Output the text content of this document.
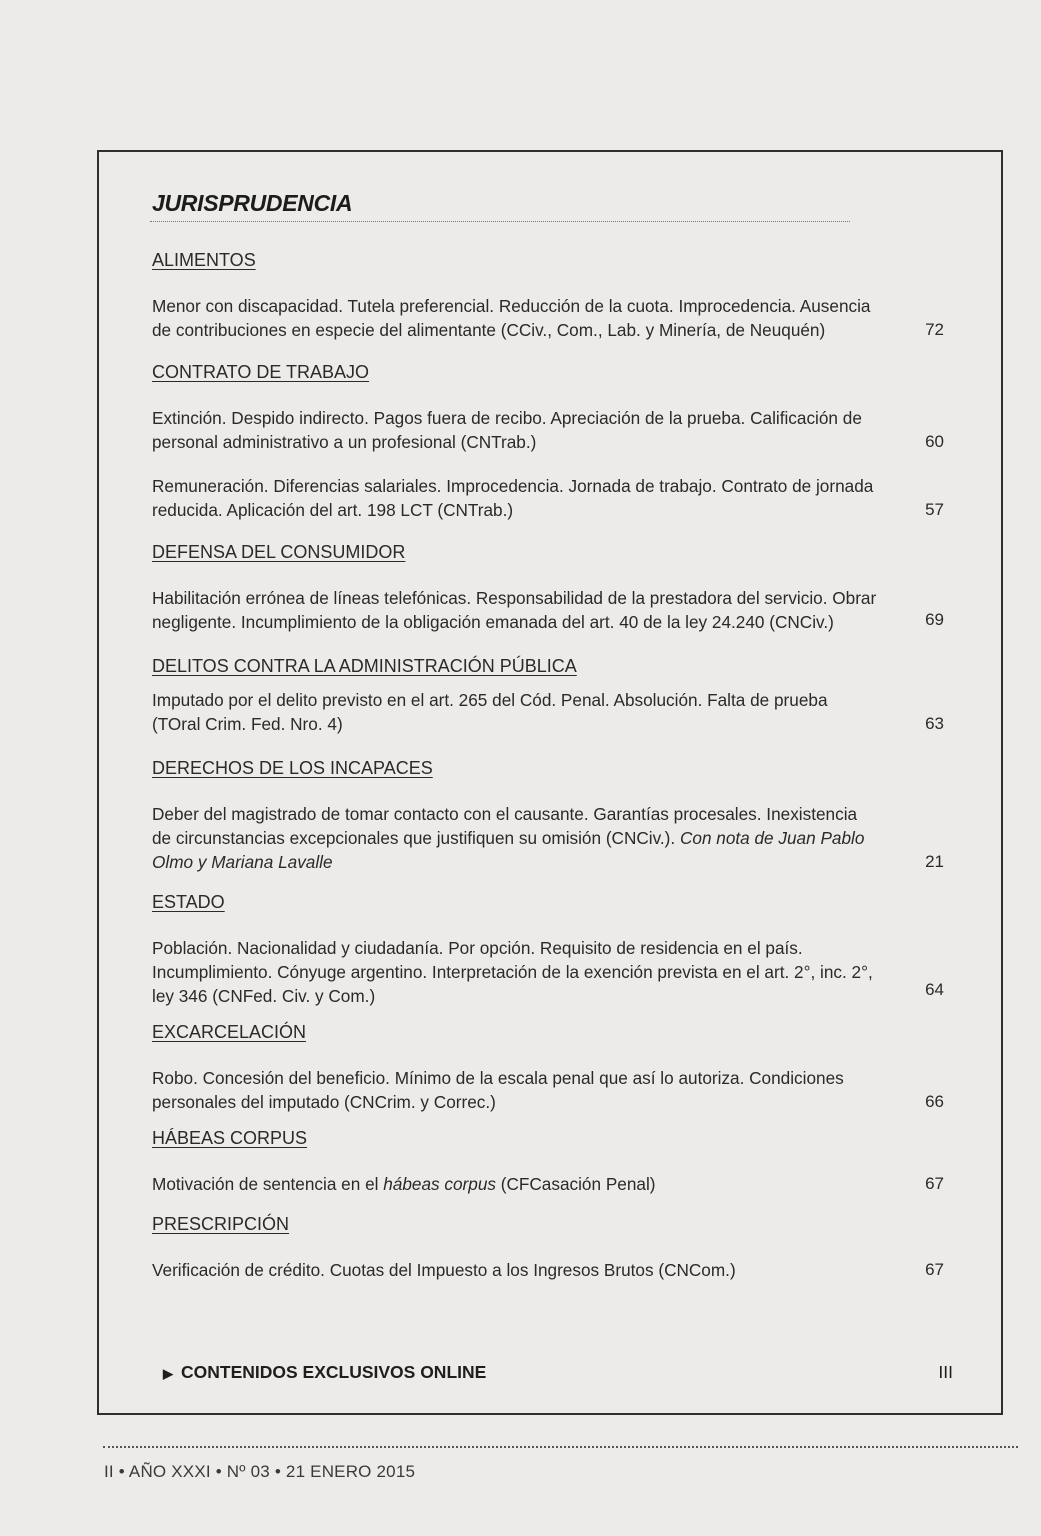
JURISPRUDENCIA
ALIMENTOS
Menor con discapacidad. Tutela preferencial. Reducción de la cuota. Improcedencia. Ausencia de contribuciones en especie del alimentante (CCiv., Com., Lab. y Minería, de Neuquén)	72
CONTRATO DE TRABAJO
Extinción. Despido indirecto. Pagos fuera de recibo. Apreciación de la prueba. Calificación de personal administrativo a un profesional (CNTrab.)	60
Remuneración. Diferencias salariales. Improcedencia. Jornada de trabajo. Contrato de jornada reducida. Aplicación del art. 198 LCT (CNTrab.)	57
DEFENSA DEL CONSUMIDOR
Habilitación errónea de líneas telefónicas. Responsabilidad de la prestadora del servicio. Obrar negligente. Incumplimiento de la obligación emanada del art. 40 de la ley 24.240 (CNCiv.)	69
DELITOS CONTRA LA ADMINISTRACIÓN PÚBLICA
Imputado por el delito previsto en el art. 265 del Cód. Penal. Absolución. Falta de prueba (TOral Crim. Fed. Nro. 4)	63
DERECHOS DE LOS INCAPACES
Deber del magistrado de tomar contacto con el causante. Garantías procesales. Inexistencia de circunstancias excepcionales que justifiquen su omisión (CNCiv.). Con nota de Juan Pablo Olmo y Mariana Lavalle	21
ESTADO
Población. Nacionalidad y ciudadanía. Por opción. Requisito de residencia en el país. Incumplimiento. Cónyuge argentino. Interpretación de la exención prevista en el art. 2°, inc. 2°, ley 346 (CNFed. Civ. y Com.)	64
EXCARCELACIÓN
Robo. Concesión del beneficio. Mínimo de la escala penal que así lo autoriza. Condiciones personales del imputado (CNCrim. y Correc.)	66
HÁBEAS CORPUS
Motivación de sentencia en el hábeas corpus (CFCasación Penal)	67
PRESCRIPCIÓN
Verificación de crédito. Cuotas del Impuesto a los Ingresos Brutos (CNCom.)	67
▶ CONTENIDOS EXCLUSIVOS ONLINE	III
II • AÑO XXXI • Nº 03 • 21 ENERO 2015
